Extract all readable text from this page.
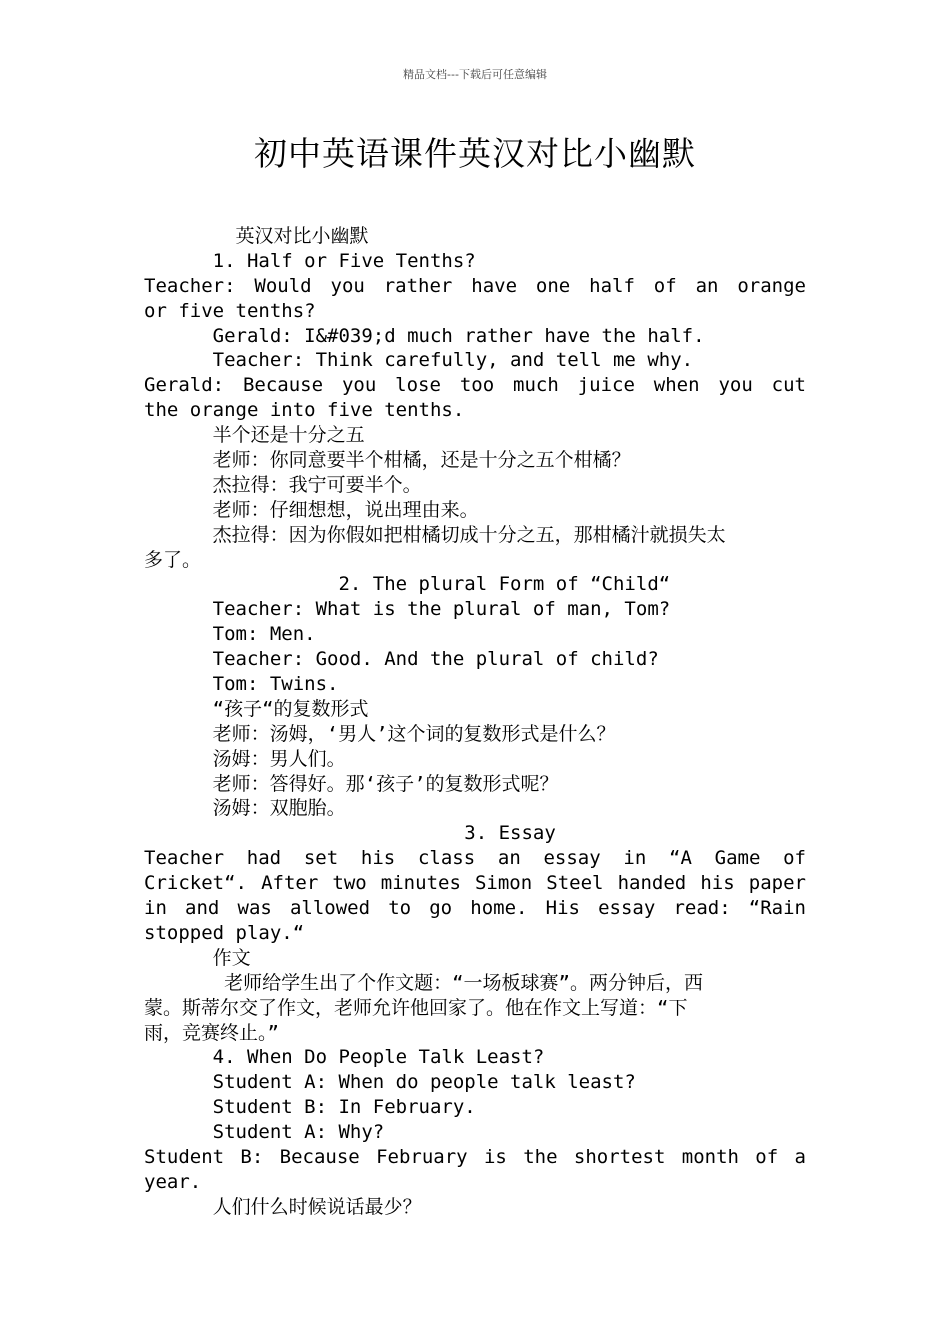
精品文档---下载后可任意编辑
初中英语课件英汉对比小幽默
英汉对比小幽默
1. Half or Five Tenths?
Teacher: Would you rather have one half of an orange
or five tenths?
Gerald: I&#039;d much rather have the half.
Teacher: Think carefully, and tell me why.
Gerald: Because you lose too much juice when you cut
the orange into five tenths.
半个还是十分之五
老师：你同意要半个柑橘，还是十分之五个柑橘？
杰拉得：我宁可要半个。
老师：仔细想想，说出理由来。
杰拉得：因为你假如把柑橘切成十分之五，那柑橘汁就损失太
多了。
2. The plural Form of “Child“
Teacher: What is the plural of man, Tom?
Tom: Men.
Teacher: Good. And the plural of child?
Tom: Twins.
“孩子“的复数形式
老师：汤姆，‘男人’这个词的复数形式是什么？
汤姆：男人们。
老师：答得好。那‘孩子’的复数形式呢？
汤姆：双胞胎。
3. Essay
Teacher had set his class an essay in “A Game of
Cricket“. After two minutes Simon Steel handed his paper
in and was allowed to go home. His essay read: “Rain
stopped play.“
作文
老师给学生出了个作文题：“一场板球赛”。两分钟后，西
蒙。斯蒂尔交了作文，老师允许他回家了。他在作文上写道：“下
雨，竞赛终止。”
4. When Do People Talk Least?
Student A: When do people talk least?
Student B: In February.
Student A: Why?
Student B: Because February is the shortest month of a
year.
人们什么时候说话最少？
